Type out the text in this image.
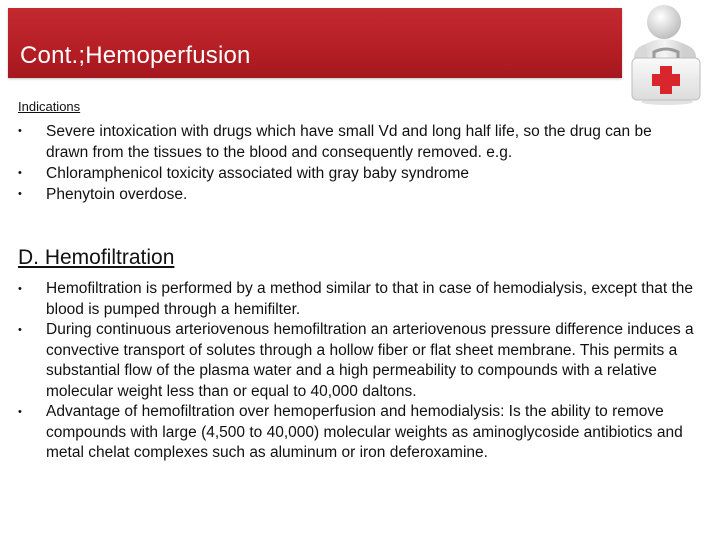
Cont.;Hemoperfusion
Indications
• Severe intoxication with drugs which have small Vd and long half life, so the drug can be drawn from the tissues to the blood and consequently removed. e.g.
• Chloramphenicol toxicity associated with gray baby syndrome
• Phenytoin overdose.
D. Hemofiltration
• Hemofiltration is performed by a method similar to that in case of hemodialysis, except that the blood is pumped through a hemifilter.
• During continuous arteriovenous hemofiltration an arteriovenous pressure difference induces a convective transport of solutes through a hollow fiber or flat sheet membrane. This permits a substantial flow of the plasma water and a high permeability to compounds with a relative molecular weight less than or equal to 40,000 daltons.
• Advantage of hemofiltration over hemoperfusion and hemodialysis: Is the ability to remove compounds with large (4,500 to 40,000) molecular weights as aminoglycoside antibiotics and metal chelat complexes such as aluminum or iron deferoxamine.
